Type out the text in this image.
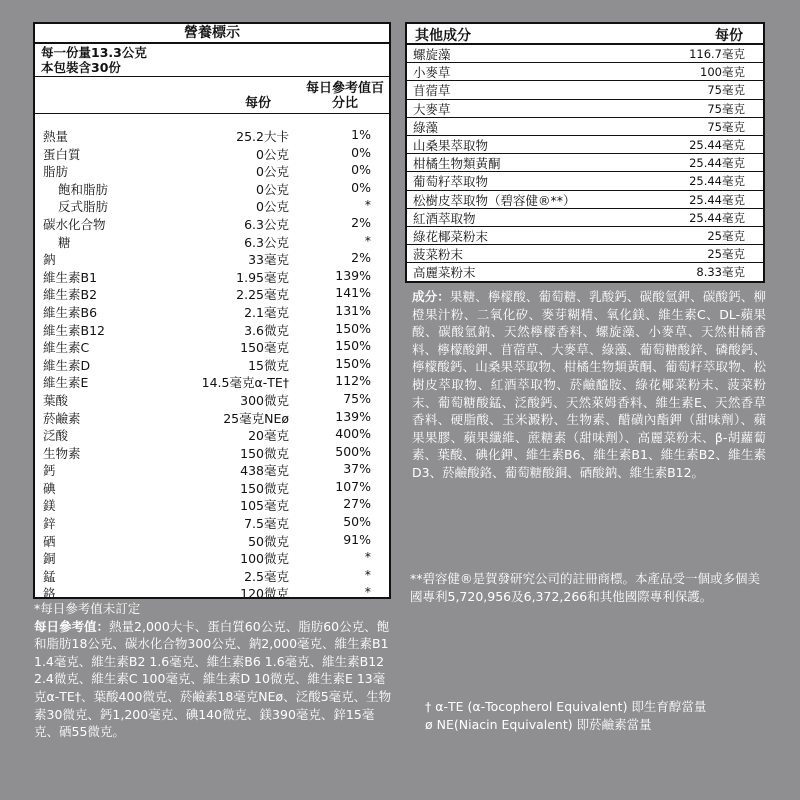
營養標示
每一份量13.3公克
本包裝含30份
每份
每日參考值百分比
熱量	25.2大卡	1%
蛋白質	0公克	0%
脂肪	0公克	0%
飽和脂肪	0公克	0%
反式脂肪	0公克	*
碳水化合物	6.3公克	2%
糖	6.3公克	*
鈉	33毫克	2%
維生素B1	1.95毫克	139%
維生素B2	2.25毫克	141%
維生素B6	2.1毫克	131%
維生素B12	3.6微克	150%
維生素C	150毫克	150%
維生素D	15微克	150%
維生素E	14.5毫克α-TE†	112%
葉酸	300微克	75%
菸鹼素	25毫克NEø	139%
泛酸	20毫克	400%
生物素	150微克	500%
鈣	438毫克	37%
碘	150微克	107%
鎂	105毫克	27%
鋅	7.5毫克	50%
硒	50微克	91%
銅	100微克	*
錳	2.5毫克	*
鉻	120微克	*
其他成分	每份
螺旋藻	116.7毫克
小麥草	100毫克
苜蓿草	75毫克
大麥草	75毫克
綠藻	75毫克
山桑果萃取物	25.44毫克
柑橘生物類黃酮	25.44毫克
葡萄籽萃取物	25.44毫克
松樹皮萃取物（碧容健®**）	25.44毫克
紅酒萃取物	25.44毫克
綠花椰菜粉末	25毫克
菠菜粉末	25毫克
高麗菜粉末	8.33毫克
成分：果糖、檸檬酸、葡萄糖、乳酸鈣、碳酸氫鉀、碳酸鈣、柳橙果汁粉、二氧化矽、麥芽糊精、氧化鎂、維生素C、DL-蘋果酸、碳酸氫鈉、天然檸檬香料、螺旋藻、小麥草、天然柑橘香料、檸檬酸鉀、苜蓿草、大麥草、綠藻、葡萄糖酸鋅、磷酸鈣、檸檬酸鈣、山桑果萃取物、柑橘生物類黃酮、葡萄籽萃取物、松樹皮萃取物、紅酒萃取物、菸鹼醯胺、綠花椰菜粉末、菠菜粉末、葡萄糖酸錳、泛酸鈣、天然萊姆香料、維生素E、天然香草香料、硬脂酸、玉米澱粉、生物素、醋磺內酯鉀（甜味劑）、蘋果果膠、蘋果纖維、蔗糖素（甜味劑）、高麗菜粉末、β-胡蘿蔔素、葉酸、碘化鉀、維生素B6、維生素B1、維生素B2、維生素D3、菸鹼酸鉻、葡萄糖酸銅、硒酸鈉、維生素B12。
**碧容健®是賀發研究公司的註冊商標。本產品受一個或多個美國專利5,720,956及6,372,266和其他國際專利保護。
*每日參考值未訂定
每日參考值：熱量2,000大卡、蛋白質60公克、脂肪60公克、飽和脂肪18公克、碳水化合物300公克、鈉2,000毫克、維生素B1 1.4毫克、維生素B2 1.6毫克、維生素B6 1.6毫克、維生素B12 2.4微克、維生素C 100毫克、維生素D 10微克、維生素E 13毫克α-TE†、葉酸400微克、菸鹼素18毫克NEø、泛酸5毫克、生物素30微克、鈣1,200毫克、碘140微克、鎂390毫克、鋅15毫克、硒55微克。
† α-TE (α-Tocopherol Equivalent) 即生育醇當量
ø NE(Niacin Equivalent) 即菸鹼素當量
